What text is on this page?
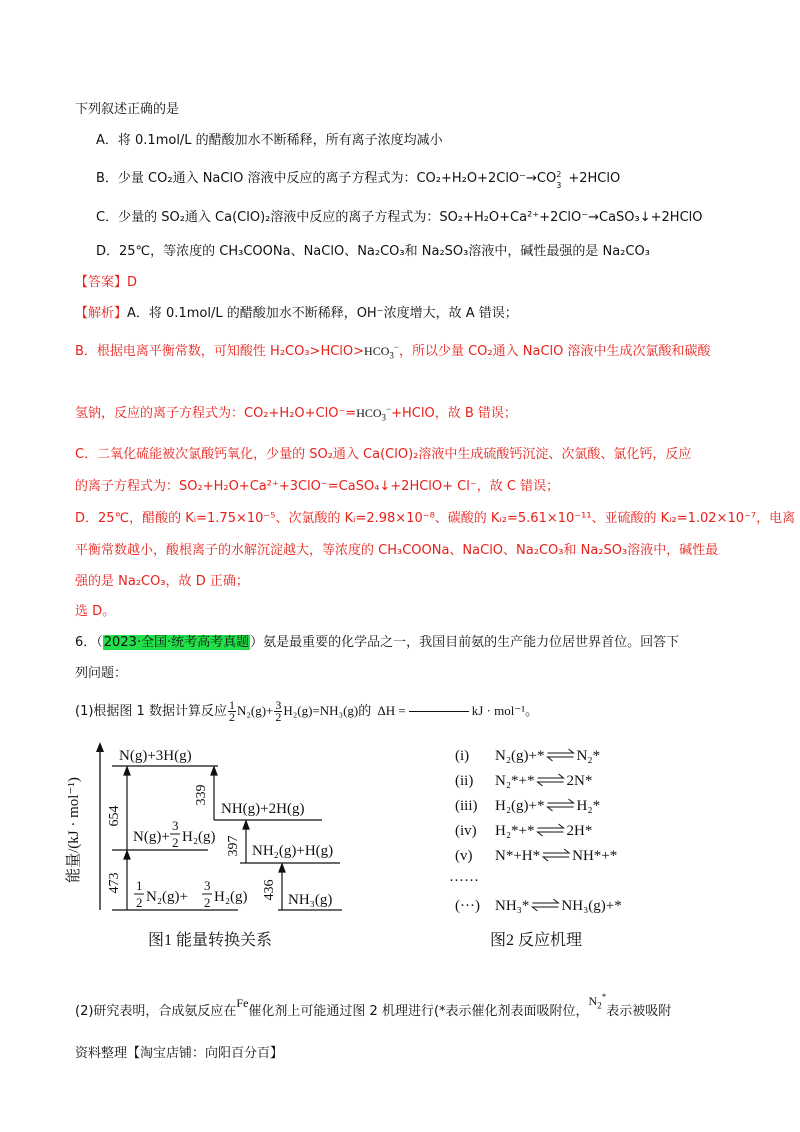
下列叙述正确的是
A．将 0.1mol/L 的醋酸加水不断稀释，所有离子浓度均减小
B．少量 CO₂通入 NaClO 溶液中反应的离子方程式为：CO₂+H₂O+2ClO⁻→CO 2
3 +2HClO
C．少量的 SO₂通入 Ca(ClO)₂溶液中反应的离子方程式为：SO₂+H₂O+Ca²⁺+2ClO⁻→CaSO₃↓+2HClO
D．25℃，等浓度的 CH₃COONa、NaClO、Na₂CO₃和 Na₂SO₃溶液中，碱性最强的是 Na₂CO₃
【答案】D
【解析】A．将 0.1mol/L 的醋酸加水不断稀释，OH⁻浓度增大，故 A 错误；
B．根据电离平衡常数，可知酸性 $H_2CO_3>HClO>HCO_3^-$，所以少量 CO₂通入 NaClO 溶液中生成次氯酸和碳酸
氢钠，反应的离子方程式为：$CO_2+H_2O+ClO^-=HCO_3^-+HClO$，故 B 错误；
C．二氧化硫能被次氯酸钙氧化，少量的 SO₂通入 Ca(ClO)₂溶液中生成硫酸钙沉淀、次氯酸、氯化钙，反应
的离子方程式为：SO₂+H₂O+Ca²⁺+3ClO⁻=CaSO₄↓+2HClO+ Cl⁻，故 C 错误；
D．25℃，醋酸的 Kᵢ=1.75×10⁻⁵、次氯酸的 Kᵢ=2.98×10⁻⁸、碳酸的 Kᵢ₂=5.61×10⁻¹¹、亚硫酸的 Kᵢ₂=1.02×10⁻⁷，电离
平衡常数越小，酸根离子的水解沉淀越大，等浓度的 CH₃COONa、NaClO、Na₂CO₃和 Na₂SO₃溶液中，碱性最
强的是 Na₂CO₃，故 D 正确；
选 D。
6．（2023·全国·统考高考真题）氨是最重要的化学品之一，我国目前氨的生产能力位居世界首位。回答下
列问题：
(1)根据图 1 数据计算反应 $\frac{1}{2} N_2(g)+ \frac{3}{2} H_2(g)=NH_3(g)$的 ΔH =	kJ · mol⁻¹。
能量/(kJ · mol⁻¹) 654
339
397
473	436
N(g)+3H(g)
NH(g)+2H(g)
N(g)+
3
2 H₂(g)
NH₂(g)+H(g)
1
2 N₂(g)+
3
2 H₂(g)	NH₃(g)
图1 能量转换关系
(i) N₂(g)+* N₂*
(ii) N₂*+* 2N*
(iii) H₂(g)+* H₂*
(iv) H₂*+* 2H*
(v) N*+H* NH*+*
……
(···) NH₃* NH₃(g)+*
图2 反应机理
(2)研究表明，合成氨反应在Fe催化剂上可能通过图 2 机理进行(*表示催化剂表面吸附位，$N_2^*$表示被吸附
资料整理【淘宝店铺：向阳百分百】
